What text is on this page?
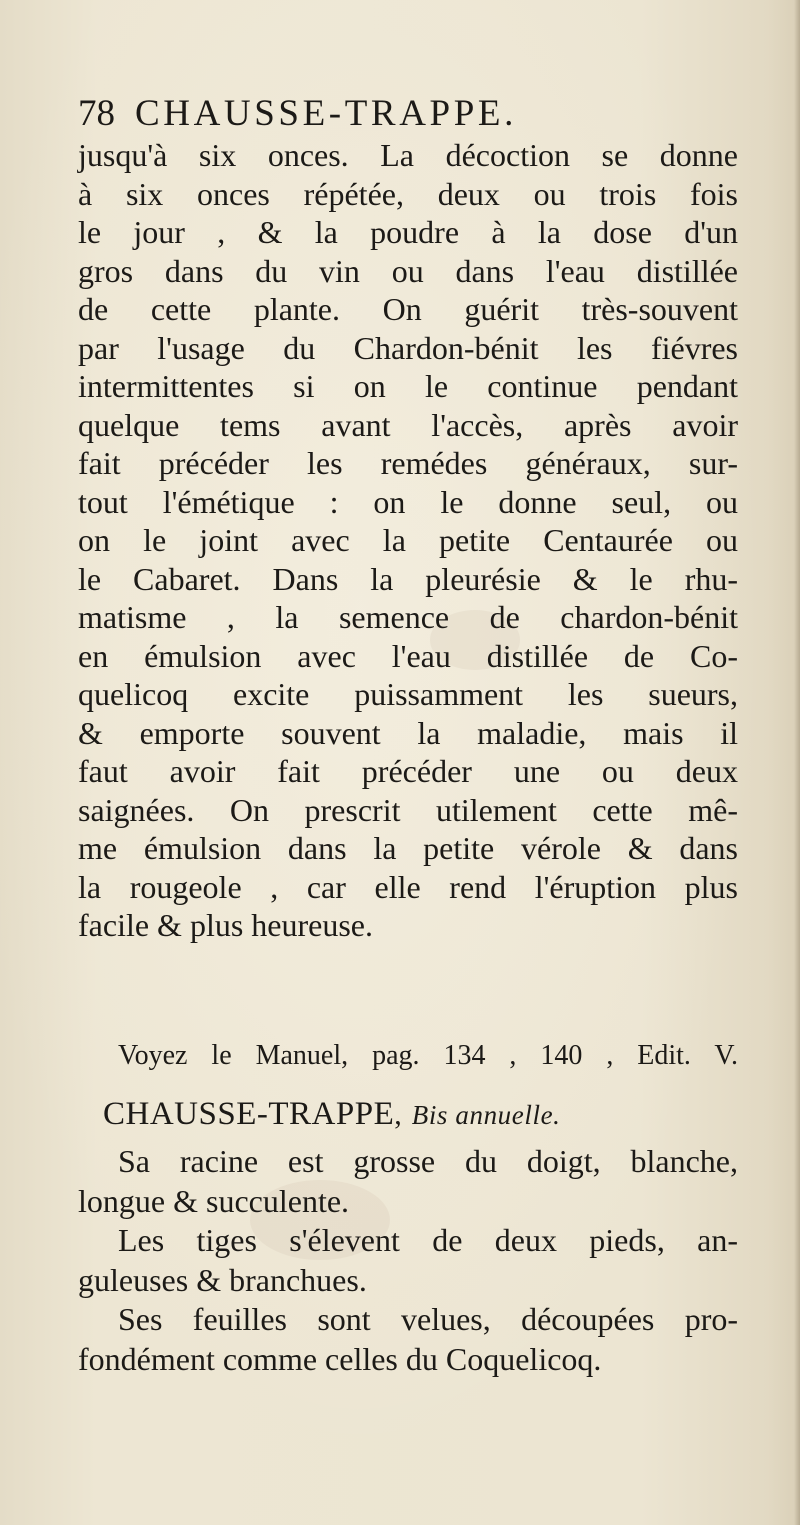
78 CHAUSSE-TRAPPE.
jusqu'à six onces. La décoction se donne
à six onces répétée, deux ou trois fois
le jour , & la poudre à la dose d'un
gros dans du vin ou dans l'eau distillée
de cette plante. On guérit très-souvent
par l'usage du Chardon-bénit les fiévres
intermittentes si on le continue pendant
quelque tems avant l'accès, après avoir
fait précéder les remédes généraux, sur-
tout l'émétique : on le donne seul, ou
on le joint avec la petite Centaurée ou
le Cabaret. Dans la pleurésie & le rhu-
matisme , la semence de chardon-bénit
en émulsion avec l'eau distillée de Co-
quelicoq excite puissamment les sueurs,
& emporte souvent la maladie, mais il
faut avoir fait précéder une ou deux
saignées. On prescrit utilement cette mê-
me émulsion dans la petite vérole & dans
la rougeole , car elle rend l'éruption plus
facile & plus heureuse.
Voyez le Manuel, pag. 134 , 140 , Edit. V.
CHAUSSE-TRAPPE, Bis annuelle.
Sa racine est grosse du doigt, blanche,
longue & succulente.
Les tiges s'élevent de deux pieds, an-
guleuses & branchues.
Ses feuilles sont velues, découpées pro-
fondément comme celles du Coquelicoq.
